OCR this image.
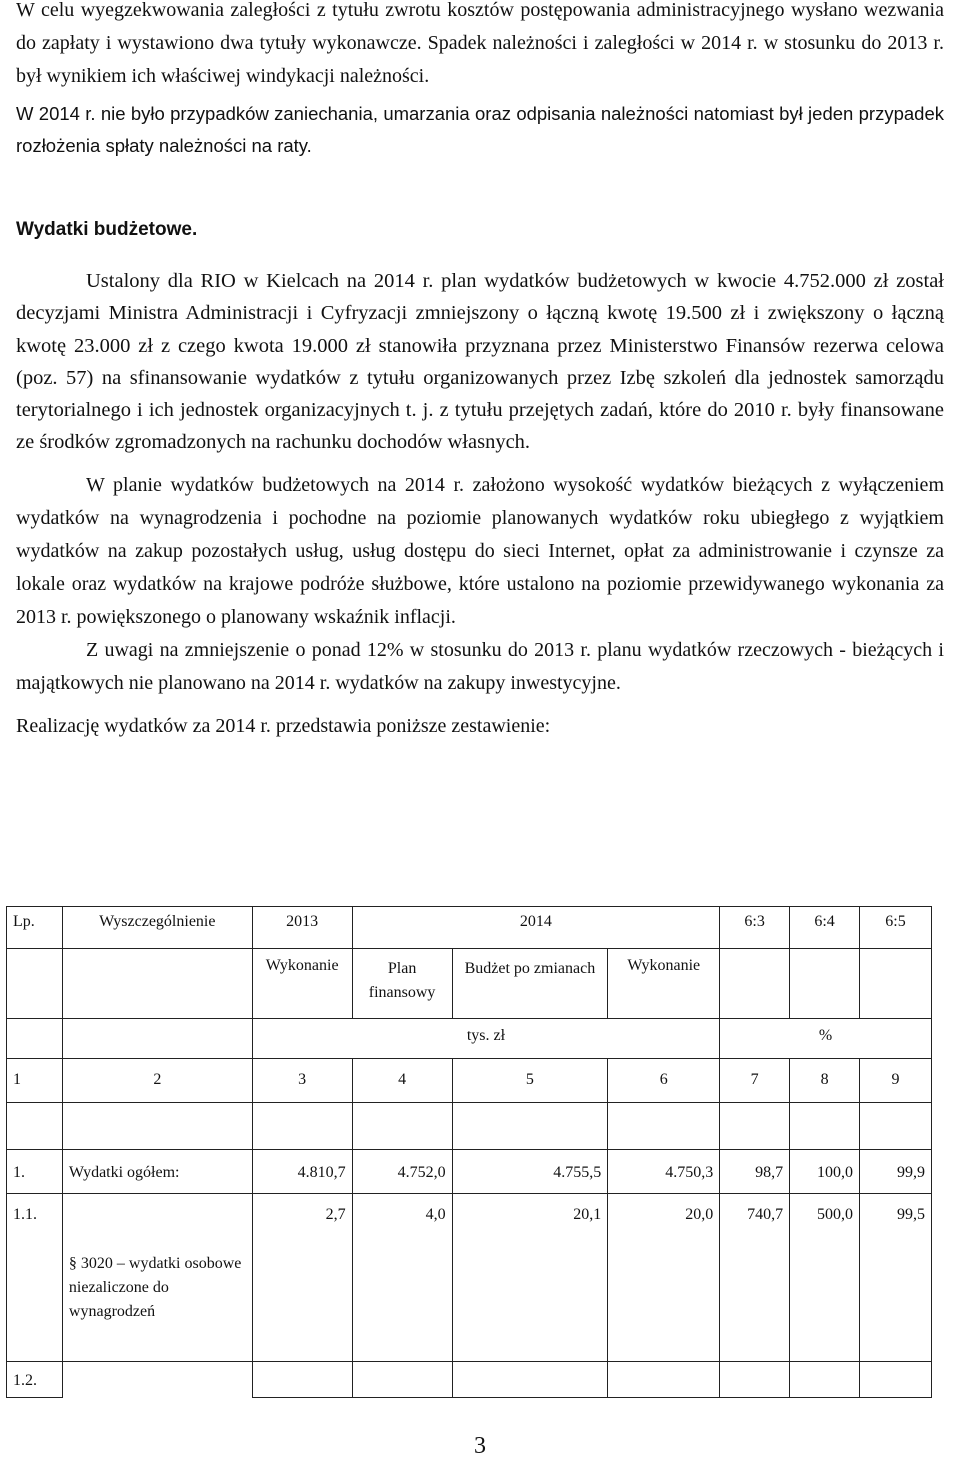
W celu wyegzekwowania zaległości z tytułu zwrotu kosztów postępowania administracyjnego wysłano wezwania do zapłaty i wystawiono dwa tytuły wykonawcze. Spadek należności i zaległości w 2014 r. w stosunku do 2013 r. był wynikiem ich właściwej windykacji należności.

W 2014 r. nie było przypadków zaniechania, umarzania oraz odpisania należności natomiast był jeden przypadek rozłożenia spłaty należności na raty.

Wydatki budżetowe.

Ustalony dla RIO w Kielcach na 2014 r. plan wydatków budżetowych w kwocie 4.752.000 zł został decyzjami Ministra Administracji i Cyfryzacji zmniejszony o łączną kwotę 19.500 zł i zwiększony o łączną kwotę 23.000 zł z czego kwota 19.000 zł stanowiła przyznana przez Ministerstwo Finansów rezerwa celowa (poz. 57) na sfinansowanie wydatków z tytułu organizowanych przez Izbę szkoleń dla jednostek samorządu terytorialnego i ich jednostek organizacyjnych t. j. z tytułu przejętych zadań, które do 2010 r. były finansowane ze środków zgromadzonych na rachunku dochodów własnych.

W planie wydatków budżetowych na 2014 r. założono wysokość wydatków bieżących z wyłączeniem wydatków na wynagrodzenia i pochodne na poziomie planowanych wydatków roku ubiegłego z wyjątkiem wydatków na zakup pozostałych usług, usług dostępu do sieci Internet, opłat za administrowanie i czynsze za lokale oraz wydatków na krajowe podróże służbowe, które ustalono na poziomie przewidywanego wykonania za 2013 r. powiększonego o planowany wskaźnik inflacji.

Z uwagi na zmniejszenie o ponad 12% w stosunku do 2013 r. planu wydatków rzeczowych - bieżących i majątkowych nie planowano na 2014 r. wydatków na zakupy inwestycyjne.

Realizację wydatków za 2014 r. przedstawia poniższe zestawienie:

Lp.	Wyszczególnienie	2013	2014			6:3	6:4	6:5
		Wykonanie	Plan finansowy	Budżet po zmianach	Wykonanie			
		tys. zł				%		
1	2	3	4	5	6	7	8	9

1.	Wydatki ogółem:	4.810,7	4.752,0	4.755,5	4.750,3	98,7	100,0	99,9
1.1.	§ 3020 – wydatki osobowe niezaliczone do wynagrodzeń	2,7	4,0	20,1	20,0	740,7	500,0	99,5
1.2.								
3
